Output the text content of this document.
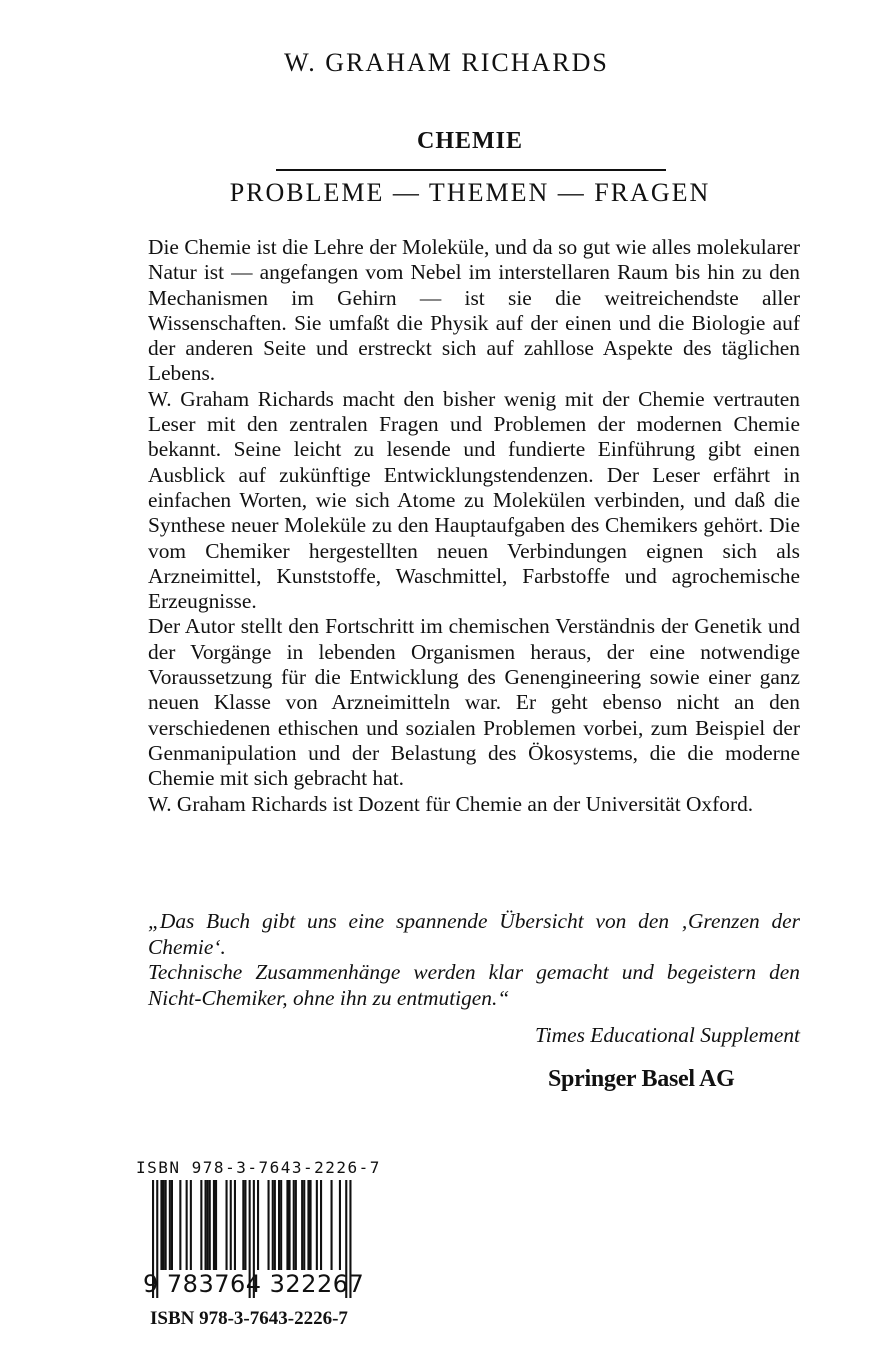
W. GRAHAM RICHARDS
CHEMIE
PROBLEME — THEMEN — FRAGEN

Die Chemie ist die Lehre der Moleküle, und da so gut wie alles molekularer Natur ist — angefangen vom Nebel im interstellaren Raum bis hin zu den Mechanismen im Gehirn — ist sie die weitreichendste aller Wissenschaften. Sie umfaßt die Physik auf der einen und die Biologie auf der anderen Seite und erstreckt sich auf zahllose Aspekte des täglichen Lebens.

W. Graham Richards macht den bisher wenig mit der Chemie vertrauten Leser mit den zentralen Fragen und Problemen der modernen Chemie bekannt. Seine leicht zu lesende und fundierte Einführung gibt einen Ausblick auf zukünftige Entwicklungstendenzen. Der Leser erfährt in einfachen Worten, wie sich Atome zu Molekülen verbinden, und daß die Synthese neuer Moleküle zu den Hauptaufgaben des Chemikers gehört. Die vom Chemiker hergestellten neuen Verbindungen eignen sich als Arzneimittel, Kunststoffe, Waschmittel, Farbstoffe und agrochemische Erzeugnisse.

Der Autor stellt den Fortschritt im chemischen Verständnis der Genetik und der Vorgänge in lebenden Organismen heraus, der eine notwendige Voraussetzung für die Entwicklung des Genengineering sowie einer ganz neuen Klasse von Arzneimitteln war. Er geht ebenso nicht an den verschiedenen ethischen und sozialen Problemen vorbei, zum Beispiel der Genmanipulation und der Belastung des Ökosystems, die die moderne Chemie mit sich gebracht hat.

W. Graham Richards ist Dozent für Chemie an der Universität Oxford.

„Das Buch gibt uns eine spannende Übersicht von den ‚Grenzen der Chemie‘.

Technische Zusammenhänge werden klar gemacht und begeistern den Nicht-Chemiker, ohne ihn zu entmutigen.“

Times Educational Supplement
Springer Basel AG
ISBN 978-3-7643-2226-7
9 783764 322267
ISBN 978-3-7643-2226-7
